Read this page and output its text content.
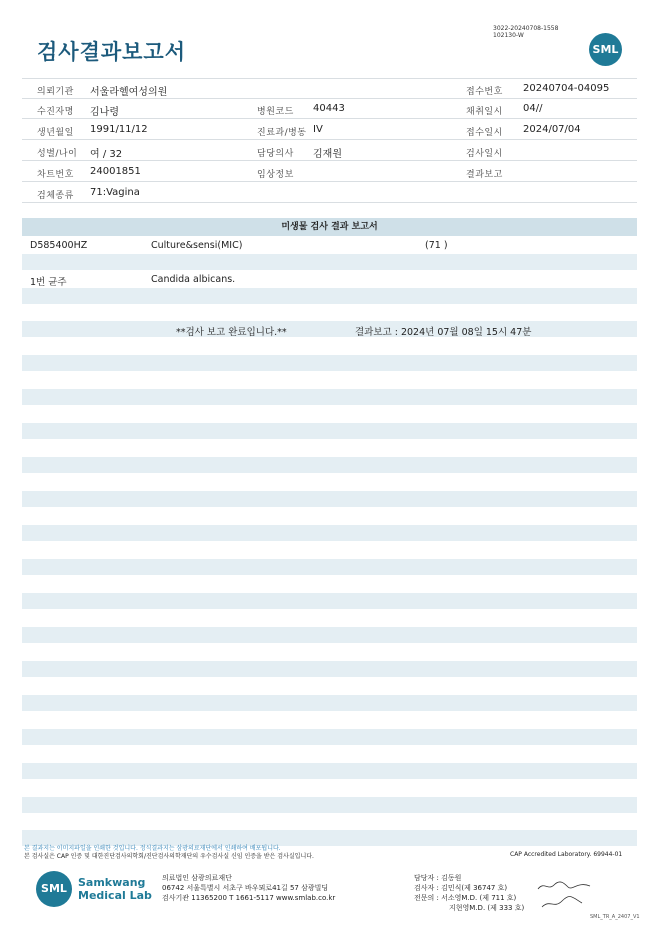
검사결과보고서
3022-20240708-1558
102130-W
SML
의뢰기관 서울라헬여성의원	접수번호 20240704-04095
수진자명 김나령	병원코드 40443	채취일시 04//
생년월일 1991/11/12	진료과/병동 IV	접수일시 2024/07/04
성별/나이 여 / 32	담당의사 김재원	검사일시
차트번호 24001851	임상정보	결과보고
검체종류 71:Vagina
미생물 검사 결과 보고서
D585400HZ	Culture&sensi(MIC)	(71 )
1번 균주	Candida albicans.
**검사 보고 완료입니다.**	결과보고 : 2024년 07월 08일 15시 47분
본 결과지는 이미지파일을 인쇄한 것입니다. 정식결과지는 삼광의료재단에서 인쇄하여 배포됩니다.
본 검사실은 CAP 인증 및 대한진단검사의학회/진단검사의학재단의 우수검사실 신임 인증을 받은 검사실입니다.	CAP Accredited Laboratory. 69944-01
SML	Samkwang
Medical Lab
의료법인 삼광의료재단
06742 서울특별시 서초구 바우뫼로41길 57 삼광빌딩
검사기관 11365200 T 1661-5117 www.smlab.co.kr
담당자 : 김동원
검사자 : 김민식(제 36747 호)
전문의 : 서소영M.D. (제 711 호)
지현영M.D. (제 333 호)
SML_TR_A_2407_V1
